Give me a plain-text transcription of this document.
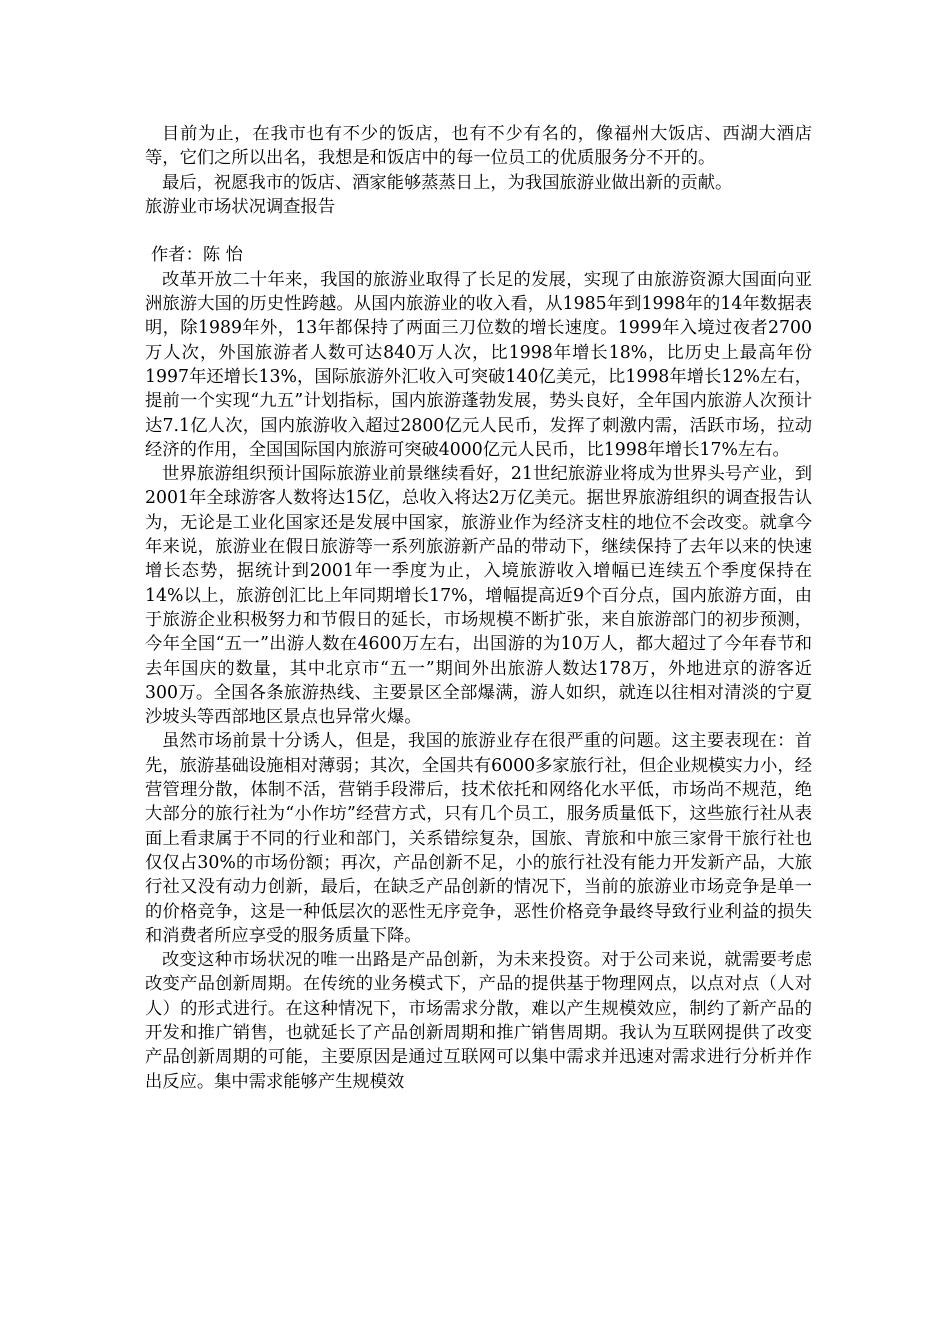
目前为止，在我市也有不少的饭店，也有不少有名的，像福州大饭店、西湖大酒店等，它们之所以出名，我想是和饭店中的每一位员工的优质服务分不开的。

最后，祝愿我市的饭店、酒家能够蒸蒸日上，为我国旅游业做出新的贡献。

旅游业市场状况调查报告

作者：陈 怡

改革开放二十年来，我国的旅游业取得了长足的发展，实现了由旅游资源大国面向亚洲旅游大国的历史性跨越。从国内旅游业的收入看，从1985年到1998年的14年数据表明，除1989年外，13年都保持了两面三刀位数的增长速度。1999年入境过夜者2700万人次，外国旅游者人数可达840万人次，比1998年增长18%，比历史上最高年份1997年还增长13%，国际旅游外汇收入可突破140亿美元，比1998年增长12%左右，提前一个实现“九五”计划指标，国内旅游蓬勃发展，势头良好，全年国内旅游人次预计达7.1亿人次，国内旅游收入超过2800亿元人民币，发挥了刺激内需，活跃市场，拉动经济的作用，全国国际国内旅游可突破4000亿元人民币，比1998年增长17%左右。

世界旅游组织预计国际旅游业前景继续看好，21世纪旅游业将成为世界头号产业，到2001年全球游客人数将达15亿，总收入将达2万亿美元。据世界旅游组织的调查报告认为，无论是工业化国家还是发展中国家，旅游业作为经济支柱的地位不会改变。就拿今年来说，旅游业在假日旅游等一系列旅游新产品的带动下，继续保持了去年以来的快速增长态势，据统计到2001年一季度为止，入境旅游收入增幅已连续五个季度保持在14%以上，旅游创汇比上年同期增长17%，增幅提高近9个百分点，国内旅游方面，由于旅游企业积极努力和节假日的延长，市场规模不断扩张，来自旅游部门的初步预测，今年全国“五一”出游人数在4600万左右，出国游的为10万人，都大超过了今年春节和去年国庆的数量，其中北京市“五一”期间外出旅游人数达178万，外地进京的游客近300万。全国各条旅游热线、主要景区全部爆满，游人如织，就连以往相对清淡的宁夏沙坡头等西部地区景点也异常火爆。

虽然市场前景十分诱人，但是，我国的旅游业存在很严重的问题。这主要表现在：首先，旅游基础设施相对薄弱；其次，全国共有6000多家旅行社，但企业规模实力小，经营管理分散，体制不活，营销手段滞后，技术依托和网络化水平低，市场尚不规范，绝大部分的旅行社为“小作坊”经营方式，只有几个员工，服务质量低下，这些旅行社从表面上看隶属于不同的行业和部门，关系错综复杂，国旅、青旅和中旅三家骨干旅行社也仅仅占30%的市场份额；再次，产品创新不足，小的旅行社没有能力开发新产品，大旅行社又没有动力创新，最后，在缺乏产品创新的情况下，当前的旅游业市场竞争是单一的价格竞争，这是一种低层次的恶性无序竞争，恶性价格竞争最终导致行业利益的损失和消费者所应享受的服务质量下降。

改变这种市场状况的唯一出路是产品创新，为未来投资。对于公司来说，就需要考虑改变产品创新周期。在传统的业务模式下，产品的提供基于物理网点，以点对点（人对人）的形式进行。在这种情况下，市场需求分散，难以产生规模效应，制约了新产品的开发和推广销售，也就延长了产品创新周期和推广销售周期。我认为互联网提供了改变产品创新周期的可能，主要原因是通过互联网可以集中需求并迅速对需求进行分析并作出反应。集中需求能够产生规模效
